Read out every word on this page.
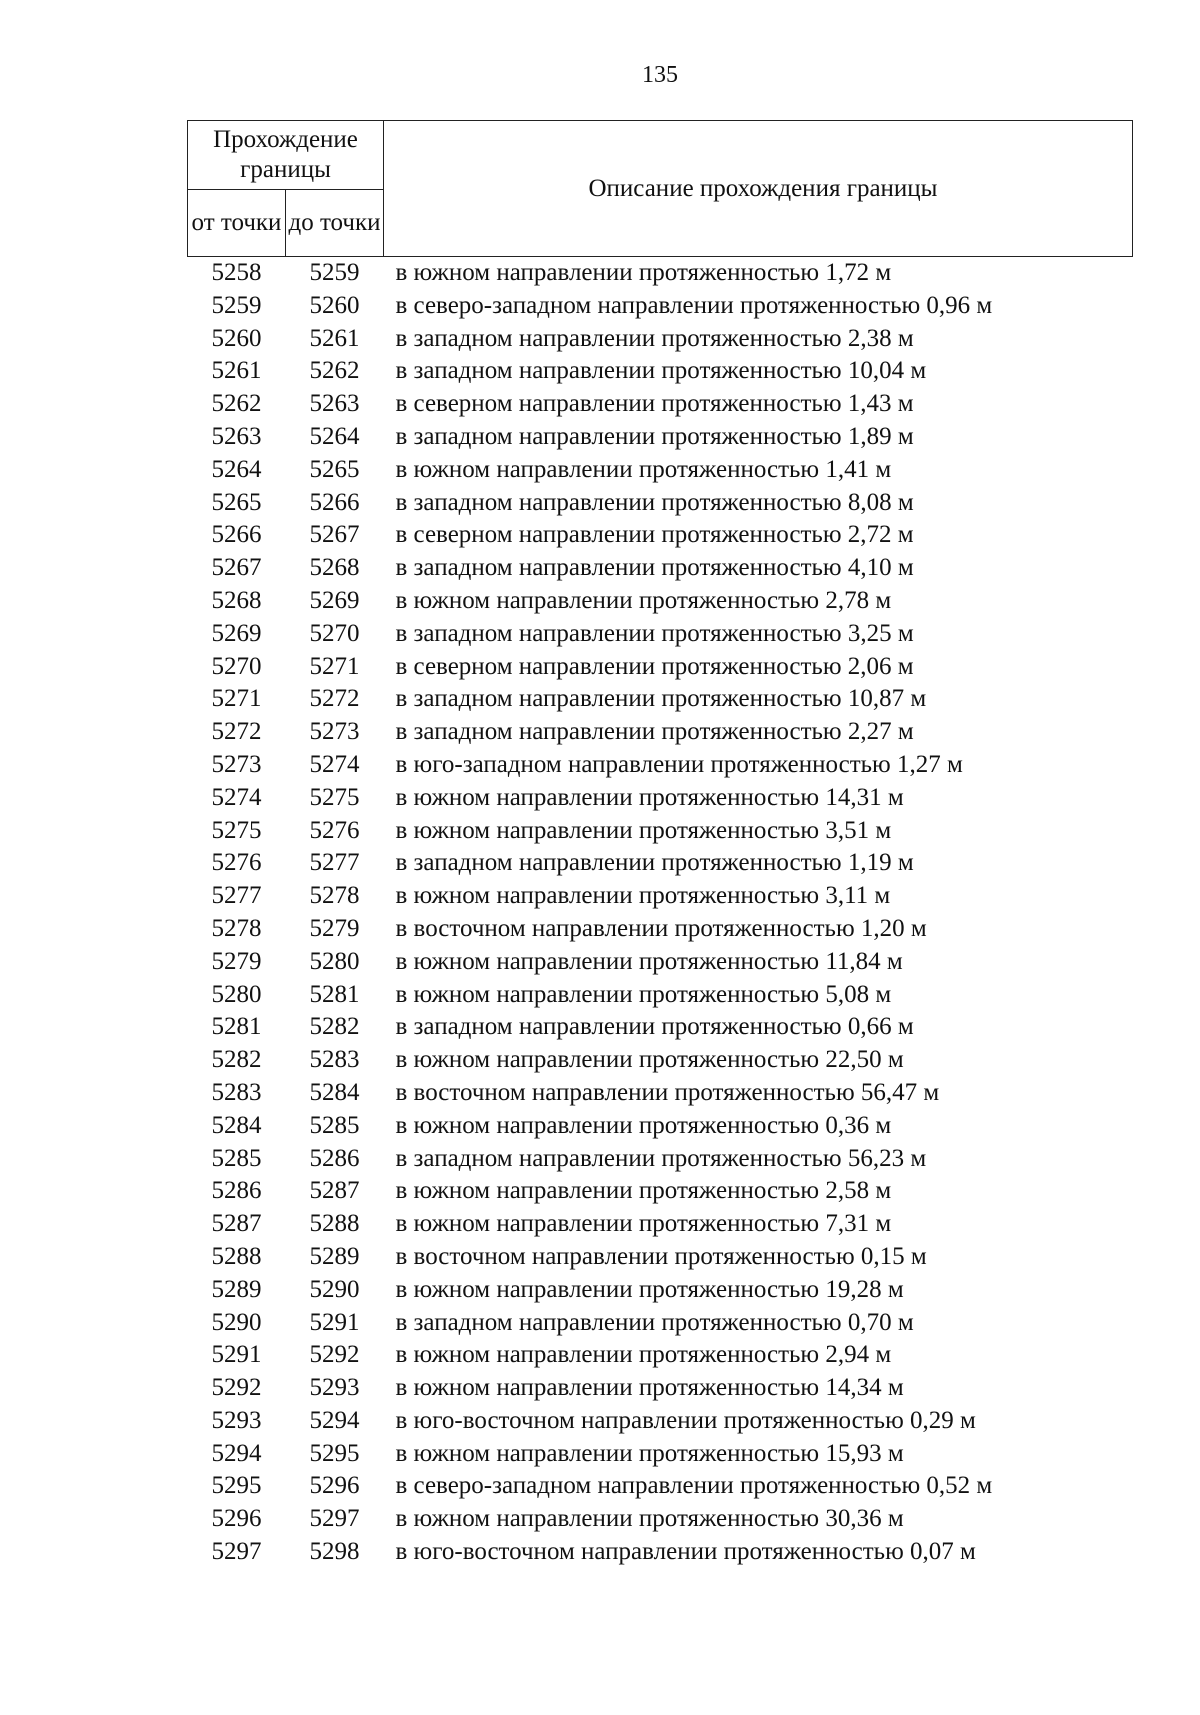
135
Прохождение границы		Описание прохождения границы
от точки	до точки	
5258	5259	в южном направлении протяженностью 1,72 м
5259	5260	в северо-западном направлении протяженностью 0,96 м
5260	5261	в западном направлении протяженностью 2,38 м
5261	5262	в западном направлении протяженностью 10,04 м
5262	5263	в северном направлении протяженностью 1,43 м
5263	5264	в западном направлении протяженностью 1,89 м
5264	5265	в южном направлении протяженностью 1,41 м
5265	5266	в западном направлении протяженностью 8,08 м
5266	5267	в северном направлении протяженностью 2,72 м
5267	5268	в западном направлении протяженностью 4,10 м
5268	5269	в южном направлении протяженностью 2,78 м
5269	5270	в западном направлении протяженностью 3,25 м
5270	5271	в северном направлении протяженностью 2,06 м
5271	5272	в западном направлении протяженностью 10,87 м
5272	5273	в западном направлении протяженностью 2,27 м
5273	5274	в юго-западном направлении протяженностью 1,27 м
5274	5275	в южном направлении протяженностью 14,31 м
5275	5276	в южном направлении протяженностью 3,51 м
5276	5277	в западном направлении протяженностью 1,19 м
5277	5278	в южном направлении протяженностью 3,11 м
5278	5279	в восточном направлении протяженностью 1,20 м
5279	5280	в южном направлении протяженностью 11,84 м
5280	5281	в южном направлении протяженностью 5,08 м
5281	5282	в западном направлении протяженностью 0,66 м
5282	5283	в южном направлении протяженностью 22,50 м
5283	5284	в восточном направлении протяженностью 56,47 м
5284	5285	в южном направлении протяженностью 0,36 м
5285	5286	в западном направлении протяженностью 56,23 м
5286	5287	в южном направлении протяженностью 2,58 м
5287	5288	в южном направлении протяженностью 7,31 м
5288	5289	в восточном направлении протяженностью 0,15 м
5289	5290	в южном направлении протяженностью 19,28 м
5290	5291	в западном направлении протяженностью 0,70 м
5291	5292	в южном направлении протяженностью 2,94 м
5292	5293	в южном направлении протяженностью 14,34 м
5293	5294	в юго-восточном направлении протяженностью 0,29 м
5294	5295	в южном направлении протяженностью 15,93 м
5295	5296	в северо-западном направлении протяженностью 0,52 м
5296	5297	в южном направлении протяженностью 30,36 м
5297	5298	в юго-восточном направлении протяженностью 0,07 м
